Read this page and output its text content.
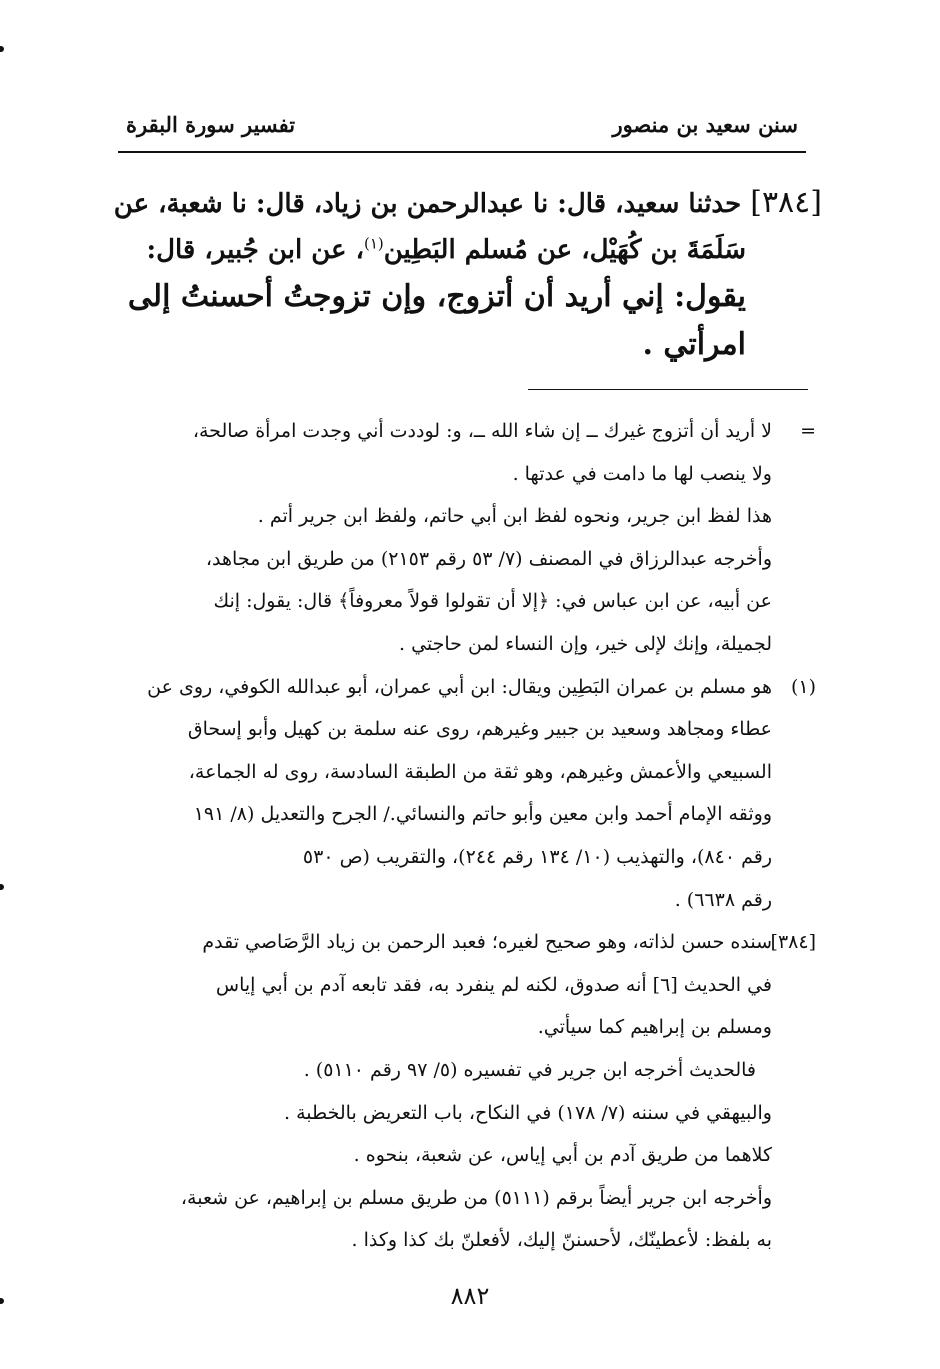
سنن سعيد بن منصور
تفسير سورة البقرة

[٣٨٤] حدثنا سعيد، قال: نا عبدالرحمن بن زياد، قال: نا شعبة، عن

سَلَمَةَ بن كُهَيْل، عن مُسلم البَطِين$^{(١)}$، عن ابن جُبير، قال:

يقول: إني أريد أن أتزوج، وإن تزوجتُ أحسنتُ إلى

امرأتي .

=
لا أريد أن أتزوج غيرك ــ إن شاء الله ــ، و: لوددت أني وجدت امرأة صالحة،

ولا ينصب لها ما دامت في عدتها .

هذا لفظ ابن جرير، ونحوه لفظ ابن أبي حاتم، ولفظ ابن جرير أتم .

وأخرجه عبدالرزاق في المصنف (٧/ ٥٣ رقم ٢١٥٣) من طريق ابن مجاهد،

عن أبيه، عن ابن عباس في: ﴿إلا أن تقولوا قولاً معروفاً﴾ قال: يقول: إنك

لجميلة، وإنك لإلى خير، وإن النساء لمن حاجتي .

(١)
هو مسلم بن عمران البَطِين ويقال: ابن أبي عمران، أبو عبدالله الكوفي، روى عن

عطاء ومجاهد وسعيد بن جبير وغيرهم، روى عنه سلمة بن كهيل وأبو إسحاق

السبيعي والأعمش وغيرهم، وهو ثقة من الطبقة السادسة، روى له الجماعة،

ووثقه الإمام أحمد وابن معين وأبو حاتم والنسائي./ الجرح والتعديل (٨/ ١٩١

رقم ٨٤٠)، والتهذيب (١٠/ ١٣٤ رقم ٢٤٤)، والتقريب (ص ٥٣٠

رقم ٦٦٣٨) .

[٣٨٤]
سنده حسن لذاته، وهو صحيح لغيره؛ فعبد الرحمن بن زياد الرَّصَاصي تقدم

في الحديث [٦] أنه صدوق، لكنه لم ينفرد به، فقد تابعه آدم بن أبي إياس

ومسلم بن إبراهيم كما سيأتي.

فالحديث أخرجه ابن جرير في تفسيره (٥/ ٩٧ رقم ٥١١٠) .

والبيهقي في سننه (٧/ ١٧٨) في النكاح، باب التعريض بالخطبة .

كلاهما من طريق آدم بن أبي إياس، عن شعبة، بنحوه .

وأخرجه ابن جرير أيضاً برقم (٥١١١) من طريق مسلم بن إبراهيم، عن شعبة،

به بلفظ: لأعطينّك، لأحسننّ إليك، لأفعلنّ بك كذا وكذا .

٨٨٢
